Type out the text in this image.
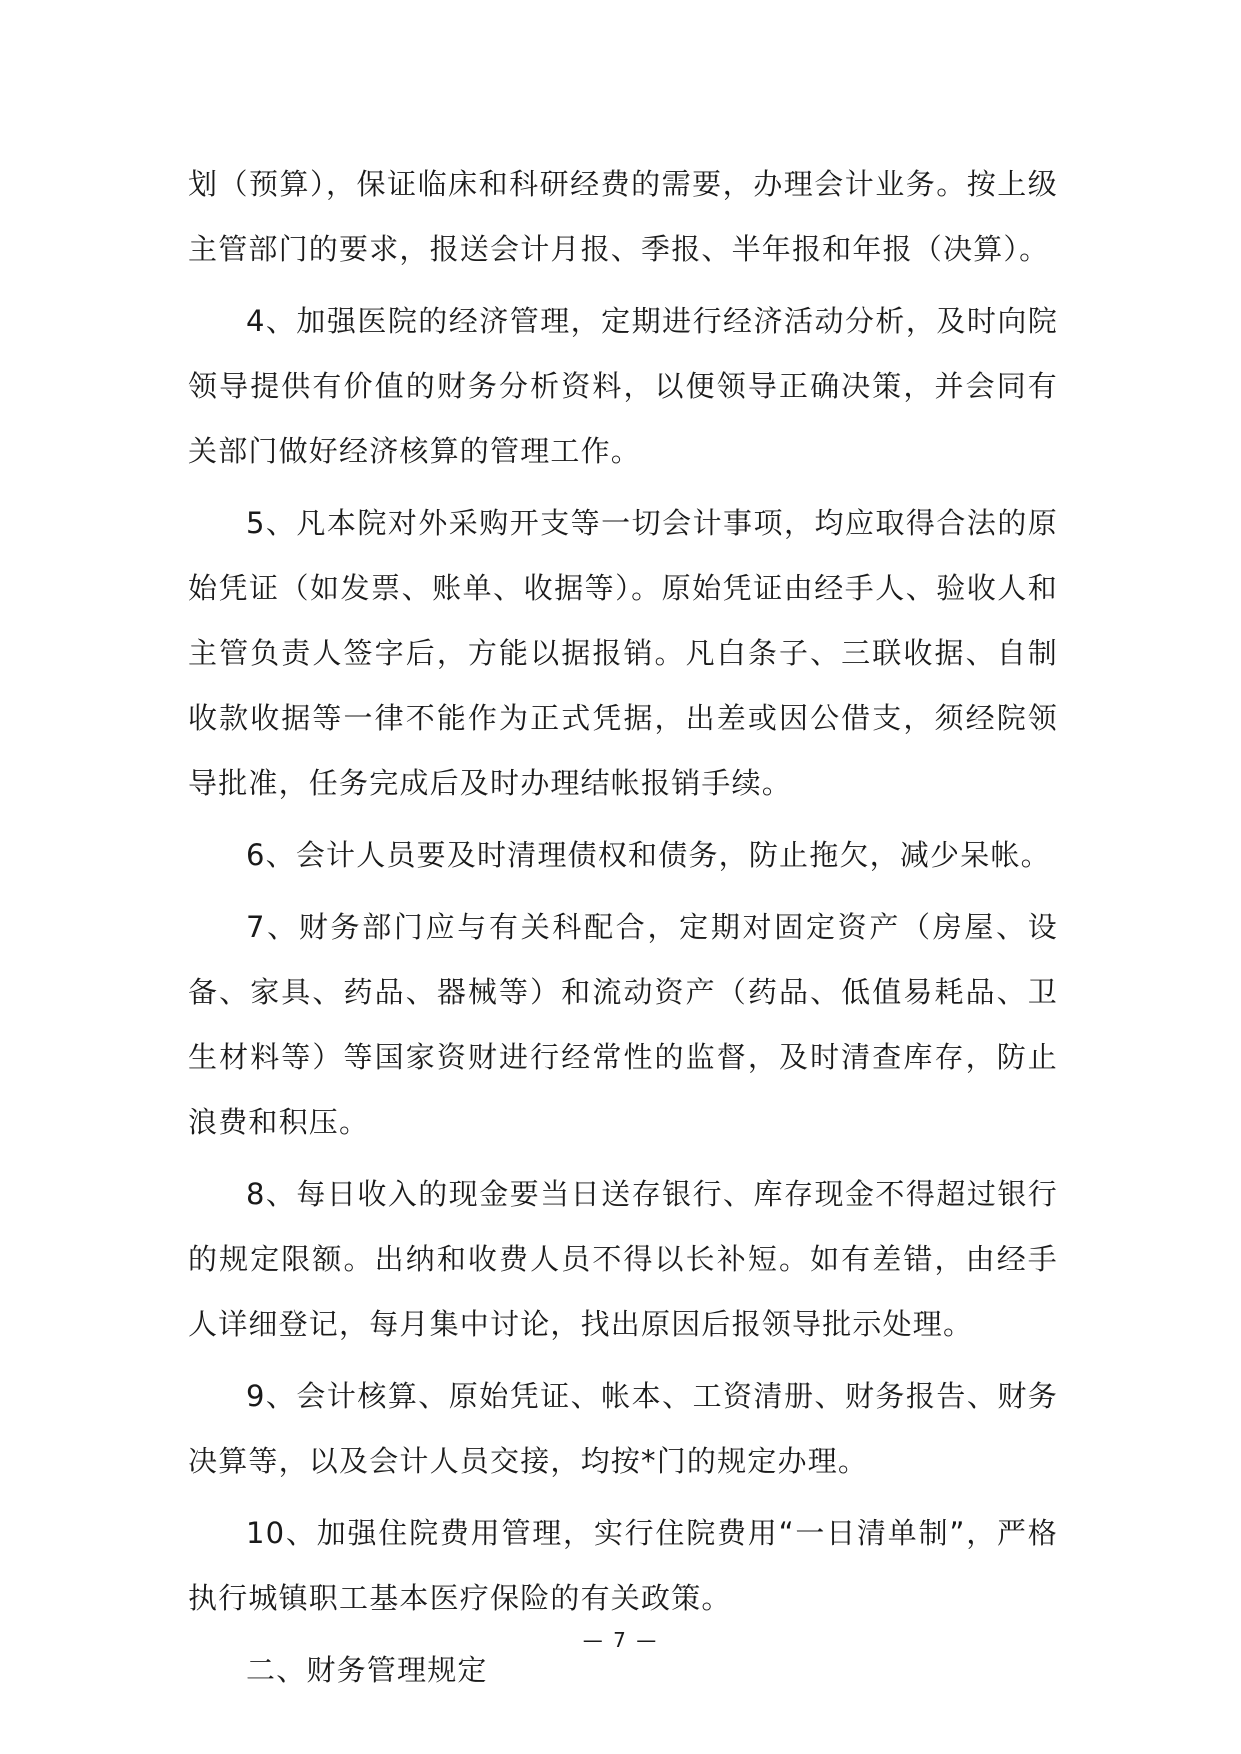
划（预算），保证临床和科研经费的需要，办理会计业务。按上级主管部门的要求，报送会计月报、季报、半年报和年报（决算）。

4、加强医院的经济管理，定期进行经济活动分析，及时向院领导提供有价值的财务分析资料，以便领导正确决策，并会同有关部门做好经济核算的管理工作。

5、凡本院对外采购开支等一切会计事项，均应取得合法的原始凭证（如发票、账单、收据等）。原始凭证由经手人、验收人和主管负责人签字后，方能以据报销。凡白条子、三联收据、自制收款收据等一律不能作为正式凭据，出差或因公借支，须经院领导批准，任务完成后及时办理结帐报销手续。

6、会计人员要及时清理债权和债务，防止拖欠，减少呆帐。

7、财务部门应与有关科配合，定期对固定资产（房屋、设备、家具、药品、器械等）和流动资产（药品、低值易耗品、卫生材料等）等国家资财进行经常性的监督，及时清查库存，防止浪费和积压。

8、每日收入的现金要当日送存银行、库存现金不得超过银行的规定限额。出纳和收费人员不得以长补短。如有差错，由经手人详细登记，每月集中讨论，找出原因后报领导批示处理。

9、会计核算、原始凭证、帐本、工资清册、财务报告、财务决算等，以及会计人员交接，均按*门的规定办理。

10、加强住院费用管理，实行住院费用“一日清单制”，严格执行城镇职工基本医疗保险的有关政策。

二、财务管理规定

— 7 —
